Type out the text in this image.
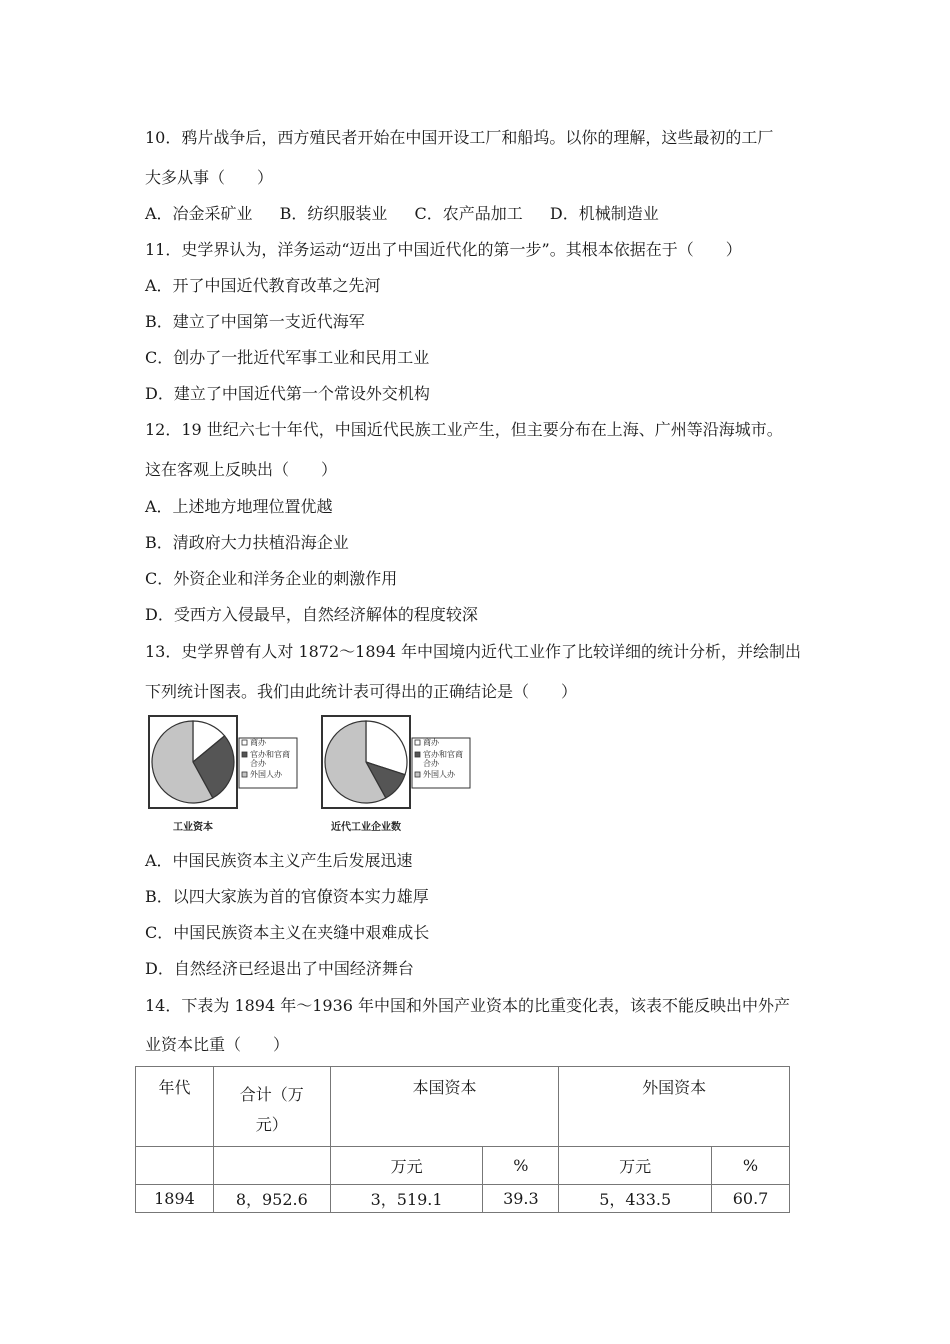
10．鸦片战争后，西方殖民者开始在中国开设工厂和船坞。以你的理解，这些最初的工厂
大多从事（　　）
A．冶金采矿业 B．纺织服装业 C．农产品加工 D．机械制造业
11．史学界认为，洋务运动“迈出了中国近代化的第一步”。其根本依据在于（　　）
A．开了中国近代教育改革之先河
B．建立了中国第一支近代海军
C．创办了一批近代军事工业和民用工业
D．建立了中国近代第一个常设外交机构
12．19 世纪六七十年代，中国近代民族工业产生，但主要分布在上海、广州等沿海城市。
这在客观上反映出（　　）
A．上述地方地理位置优越
B．清政府大力扶植沿海企业
C．外资企业和洋务企业的刺激作用
D．受西方入侵最早，自然经济解体的程度较深
13．史学界曾有人对 1872～1894 年中国境内近代工业作了比较详细的统计分析，并绘制出
下列统计图表。我们由此统计表可得出的正确结论是（　　）
商办
官办和官商
合办
外国人办
工业资本
商办
官办和官商
合办
外国人办
近代工业企业数
A．中国民族资本主义产生后发展迅速
B．以四大家族为首的官僚资本实力雄厚
C．中国民族资本主义在夹缝中艰难成长
D．自然经济已经退出了中国经济舞台
14．下表为 1894 年～1936 年中国和外国产业资本的比重变化表，该表不能反映出中外产
业资本比重（　　）
年代	合计（万
元）	本国资本		外国资本	
		万元	%	万元	%
1894	8，952.6	3，519.1	39.3	5，433.5	60.7
